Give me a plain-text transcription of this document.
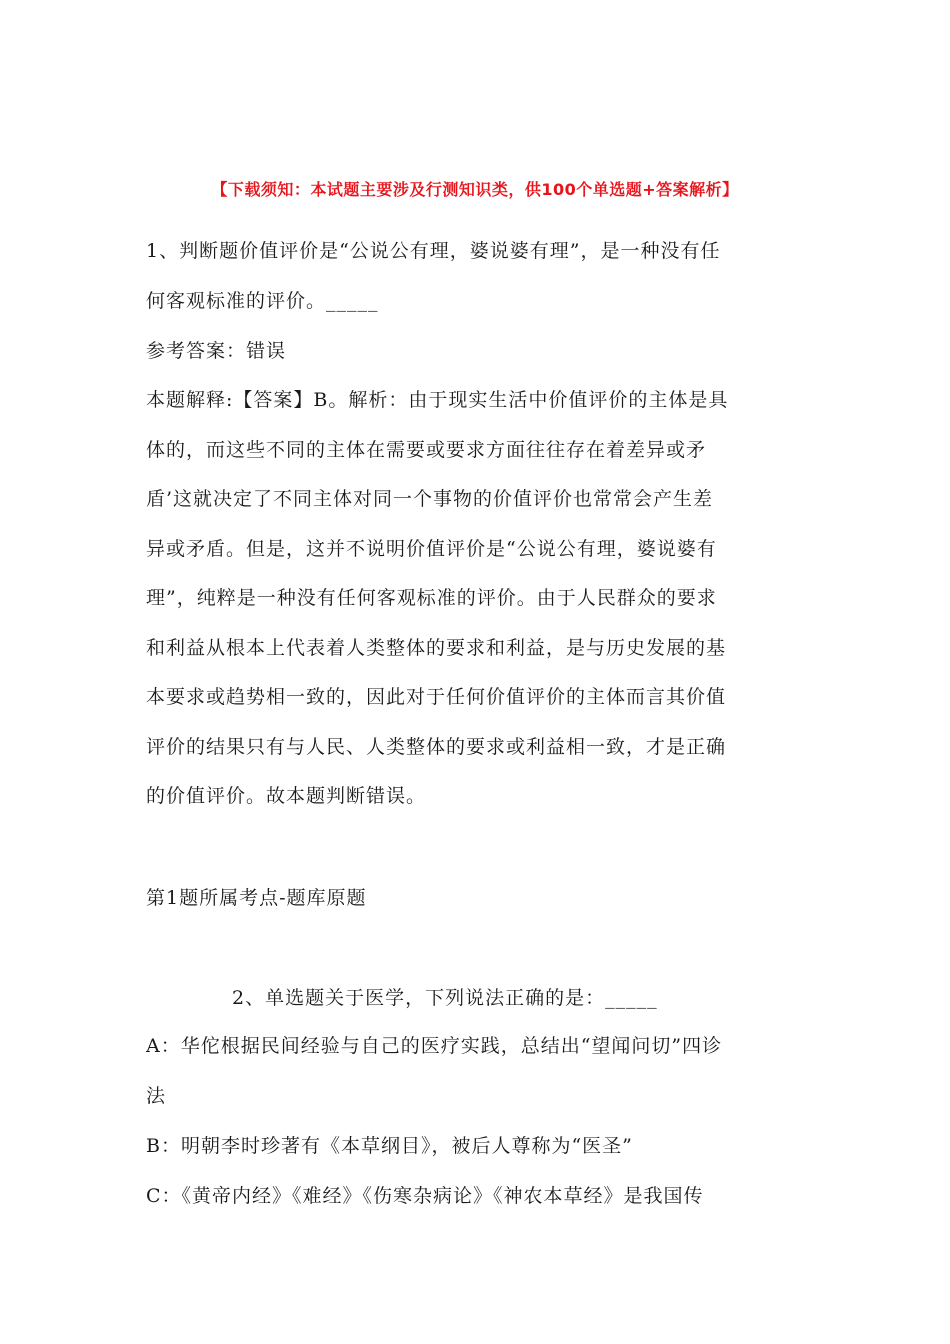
【下载须知：本试题主要涉及行测知识类，供100个单选题+答案解析】
1、判断题价值评价是“公说公有理，婆说婆有理”，是一种没有任
何客观标准的评价。_____
参考答案：错误
本题解释:【答案】B。解析：由于现实生活中价值评价的主体是具
体的，而这些不同的主体在需要或要求方面往往存在着差异或矛
盾’这就决定了不同主体对同一个事物的价值评价也常常会产生差
异或矛盾。但是，这并不说明价值评价是“公说公有理，婆说婆有
理”，纯粹是一种没有任何客观标准的评价。由于人民群众的要求
和利益从根本上代表着人类整体的要求和利益，是与历史发展的基
本要求或趋势相一致的，因此对于任何价值评价的主体而言其价值
评价的结果只有与人民、人类整体的要求或利益相一致，才是正确
的价值评价。故本题判断错误。
第1题所属考点-题库原题
2、单选题关于医学，下列说法正确的是：_____
A：华佗根据民间经验与自己的医疗实践，总结出“望闻问切”四诊
法
B：明朝李时珍著有《本草纲目》，被后人尊称为“医圣”
C：《黄帝内经》《难经》《伤寒杂病论》《神农本草经》是我国传
